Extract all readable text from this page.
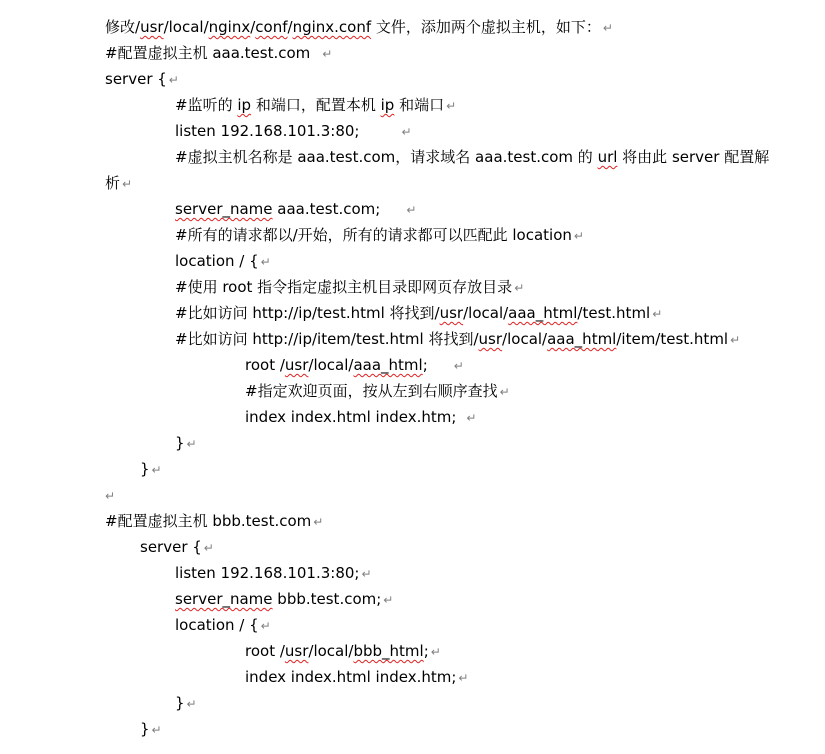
修改/usr/local/nginx/conf/nginx.conf 文件，添加两个虚拟主机，如下： ↵
#配置虚拟主机 aaa.test.com ↵
server { ↵
#监听的 ip 和端口，配置本机 ip 和端口 ↵
listen 192.168.101.3:80;	↵
#虚拟主机名称是 aaa.test.com，请求域名 aaa.test.com 的 url 将由此 server 配置解
析 ↵
server_name aaa.test.com; ↵
#所有的请求都以/开始，所有的请求都可以匹配此 location ↵
location / { ↵
#使用 root 指令指定虚拟主机目录即网页存放目录 ↵
#比如访问 http://ip/test.html 将找到/usr/local/aaa_html/test.html ↵
#比如访问 http://ip/item/test.html 将找到/usr/local/aaa_html/item/test.html ↵
root /usr/local/aaa_html; ↵
#指定欢迎页面，按从左到右顺序查找 ↵
index index.html index.htm; ↵
} ↵
} ↵
↵
#配置虚拟主机 bbb.test.com ↵
server { ↵
listen 192.168.101.3:80; ↵
server_name bbb.test.com; ↵
location / { ↵
root /usr/local/bbb_html; ↵
index index.html index.htm; ↵
} ↵
} ↵
